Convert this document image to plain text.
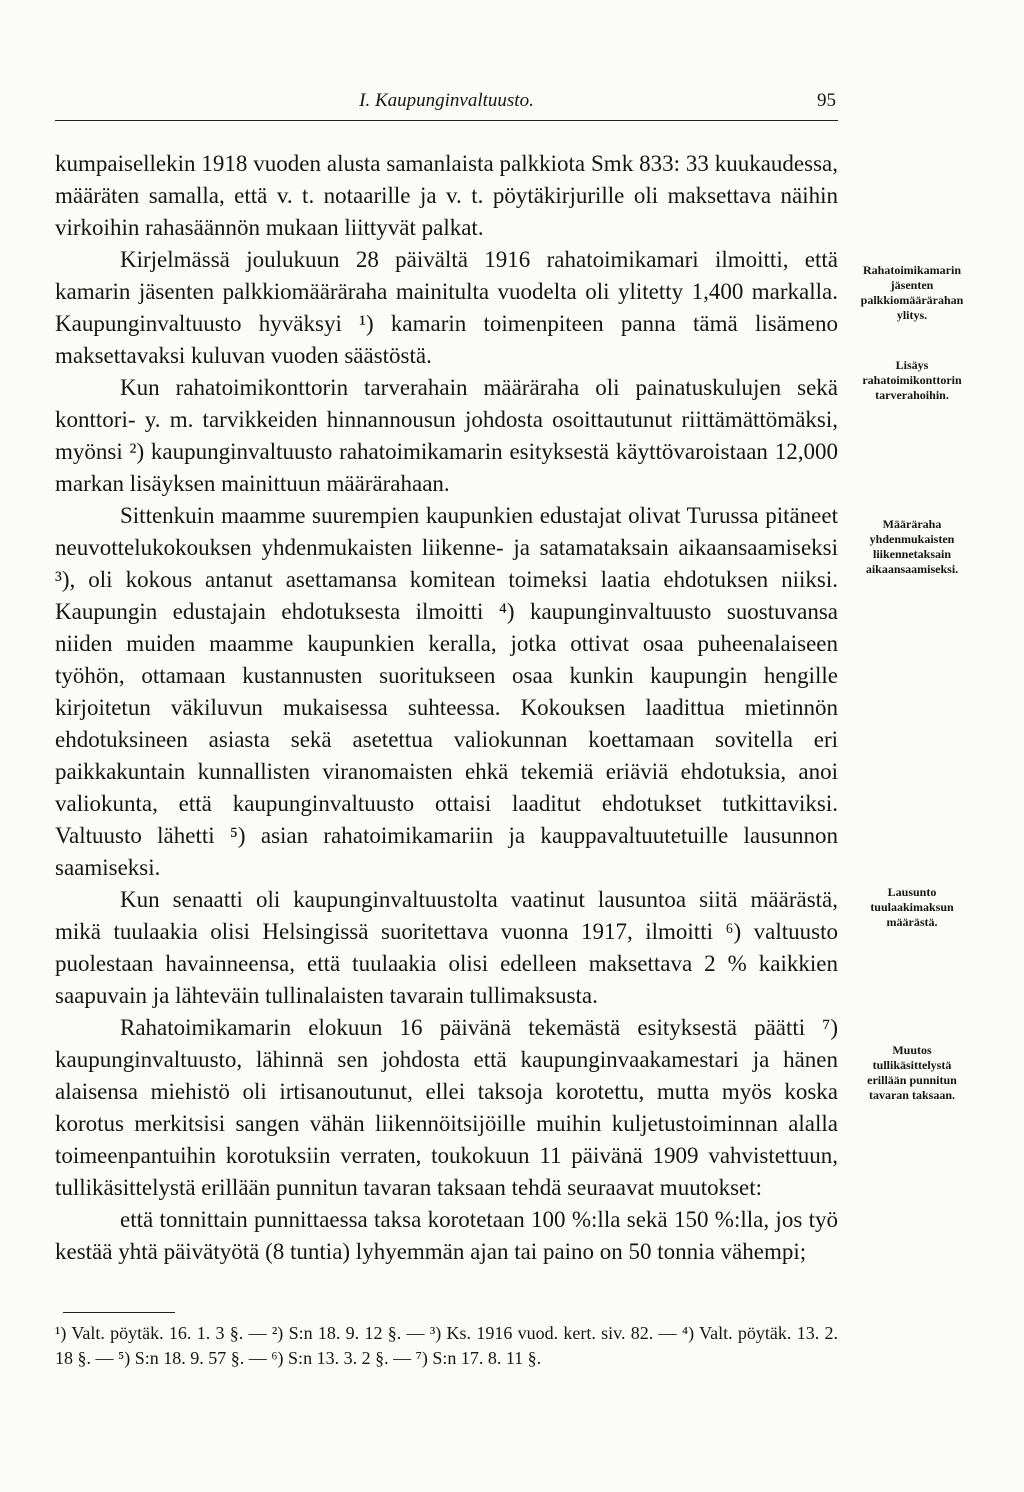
I. Kaupunginvaltuusto.	95

kumpaisellekin 1918 vuoden alusta samanlaista palkkiota Smk 833: 33 kuukaudessa, määräten samalla, että v. t. notaarille ja v. t. pöytäkirjurille oli maksettava näihin virkoihin rahasäännön mukaan liittyvät palkat.

Kirjelmässä joulukuun 28 päivältä 1916 rahatoimikamari ilmoitti, että kamarin jäsenten palkkiomääräraha mainitulta vuodelta oli ylitetty 1,400 markalla. Kaupunginvaltuusto hyväksyi ¹) kamarin toimenpiteen panna tämä lisämeno maksettavaksi kuluvan vuoden säästöstä.

Kun rahatoimikonttorin tarverahain määräraha oli painatuskulujen sekä konttori- y. m. tarvikkeiden hinnannousun johdosta osoittautunut riittämättömäksi, myönsi ²) kaupunginvaltuusto rahatoimikamarin esityksestä käyttövaroistaan 12,000 markan lisäyksen mainittuun määrärahaan.

Sittenkuin maamme suurempien kaupunkien edustajat olivat Turussa pitäneet neuvottelukokouksen yhdenmukaisten liikenne- ja satamataksain aikaansaamiseksi ³), oli kokous antanut asettamansa komitean toimeksi laatia ehdotuksen niiksi. Kaupungin edustajain ehdotuksesta ilmoitti ⁴) kaupunginvaltuusto suostuvansa niiden muiden maamme kaupunkien keralla, jotka ottivat osaa puheenalaiseen työhön, ottamaan kustannusten suoritukseen osaa kunkin kaupungin hengille kirjoitetun väkiluvun mukaisessa suhteessa. Kokouksen laadittua mietinnön ehdotuksineen asiasta sekä asetettua valiokunnan koettamaan sovitella eri paikkakuntain kunnallisten viranomaisten ehkä tekemiä eriäviä ehdotuksia, anoi valiokunta, että kaupunginvaltuusto ottaisi laaditut ehdotukset tutkittaviksi. Valtuusto lähetti ⁵) asian rahatoimikamariin ja kauppavaltuutetuille lausunnon saamiseksi.

Kun senaatti oli kaupunginvaltuustolta vaatinut lausuntoa siitä määrästä, mikä tuulaakia olisi Helsingissä suoritettava vuonna 1917, ilmoitti ⁶) valtuusto puolestaan havainneensa, että tuulaakia olisi edelleen maksettava 2 % kaikkien saapuvain ja lähteväin tullinalaisten tavarain tullimaksusta.

Rahatoimikamarin elokuun 16 päivänä tekemästä esityksestä päätti ⁷) kaupunginvaltuusto, lähinnä sen johdosta että kaupunginvaakamestari ja hänen alaisensa miehistö oli irtisanoutunut, ellei taksoja korotettu, mutta myös koska korotus merkitsisi sangen vähän liikennöitsijöille muihin kuljetustoiminnan alalla toimeenpantuihin korotuksiin verraten, toukokuun 11 päivänä 1909 vahvistettuun, tullikäsittelystä erillään punnitun tavaran taksaan tehdä seuraavat muutokset:

että tonnittain punnittaessa taksa korotetaan 100 %:lla sekä 150 %:lla, jos työ kestää yhtä päivätyötä (8 tuntia) lyhyemmän ajan tai paino on 50 tonnia vähempi;

Rahatoimikamarin jäsenten palkkiomäärärahan ylitys.
Lisäys rahatoimikonttorin tarverahoihin.
Määräraha yhdenmukaisten liikennetaksain aikaansaamiseksi.
Lausunto tuulaakimaksun määrästä.
Muutos tullikäsittelystä erillään punnitun tavaran taksaan.
¹) Valt. pöytäk. 16. 1. 3 §. — ²) S:n 18. 9. 12 §. — ³) Ks. 1916 vuod. kert. siv. 82. — ⁴) Valt. pöytäk. 13. 2. 18 §. — ⁵) S:n 18. 9. 57 §. — ⁶) S:n 13. 3. 2 §. — ⁷) S:n 17. 8. 11 §.
